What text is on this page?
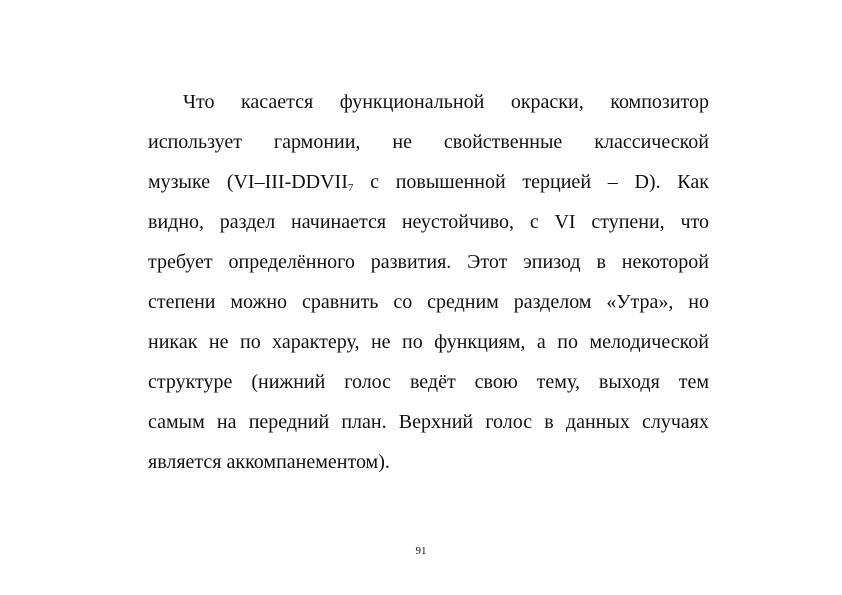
Что касается функциональной окраски, композитор
использует гармонии, не свойственные классической
музыке ($VI-III-DDVII_7$ с повышенной терцией – D). Как
видно, раздел начинается неустойчиво, с VI ступени, что
требует определённого развития. Этот эпизод в некоторой
степени можно сравнить со средним разделом «Утра», но
никак не по характеру, не по функциям, а по мелодической
структуре (нижний голос ведёт свою тему, выходя тем
самым на передний план. Верхний голос в данных случаях
является аккомпанементом).
91
